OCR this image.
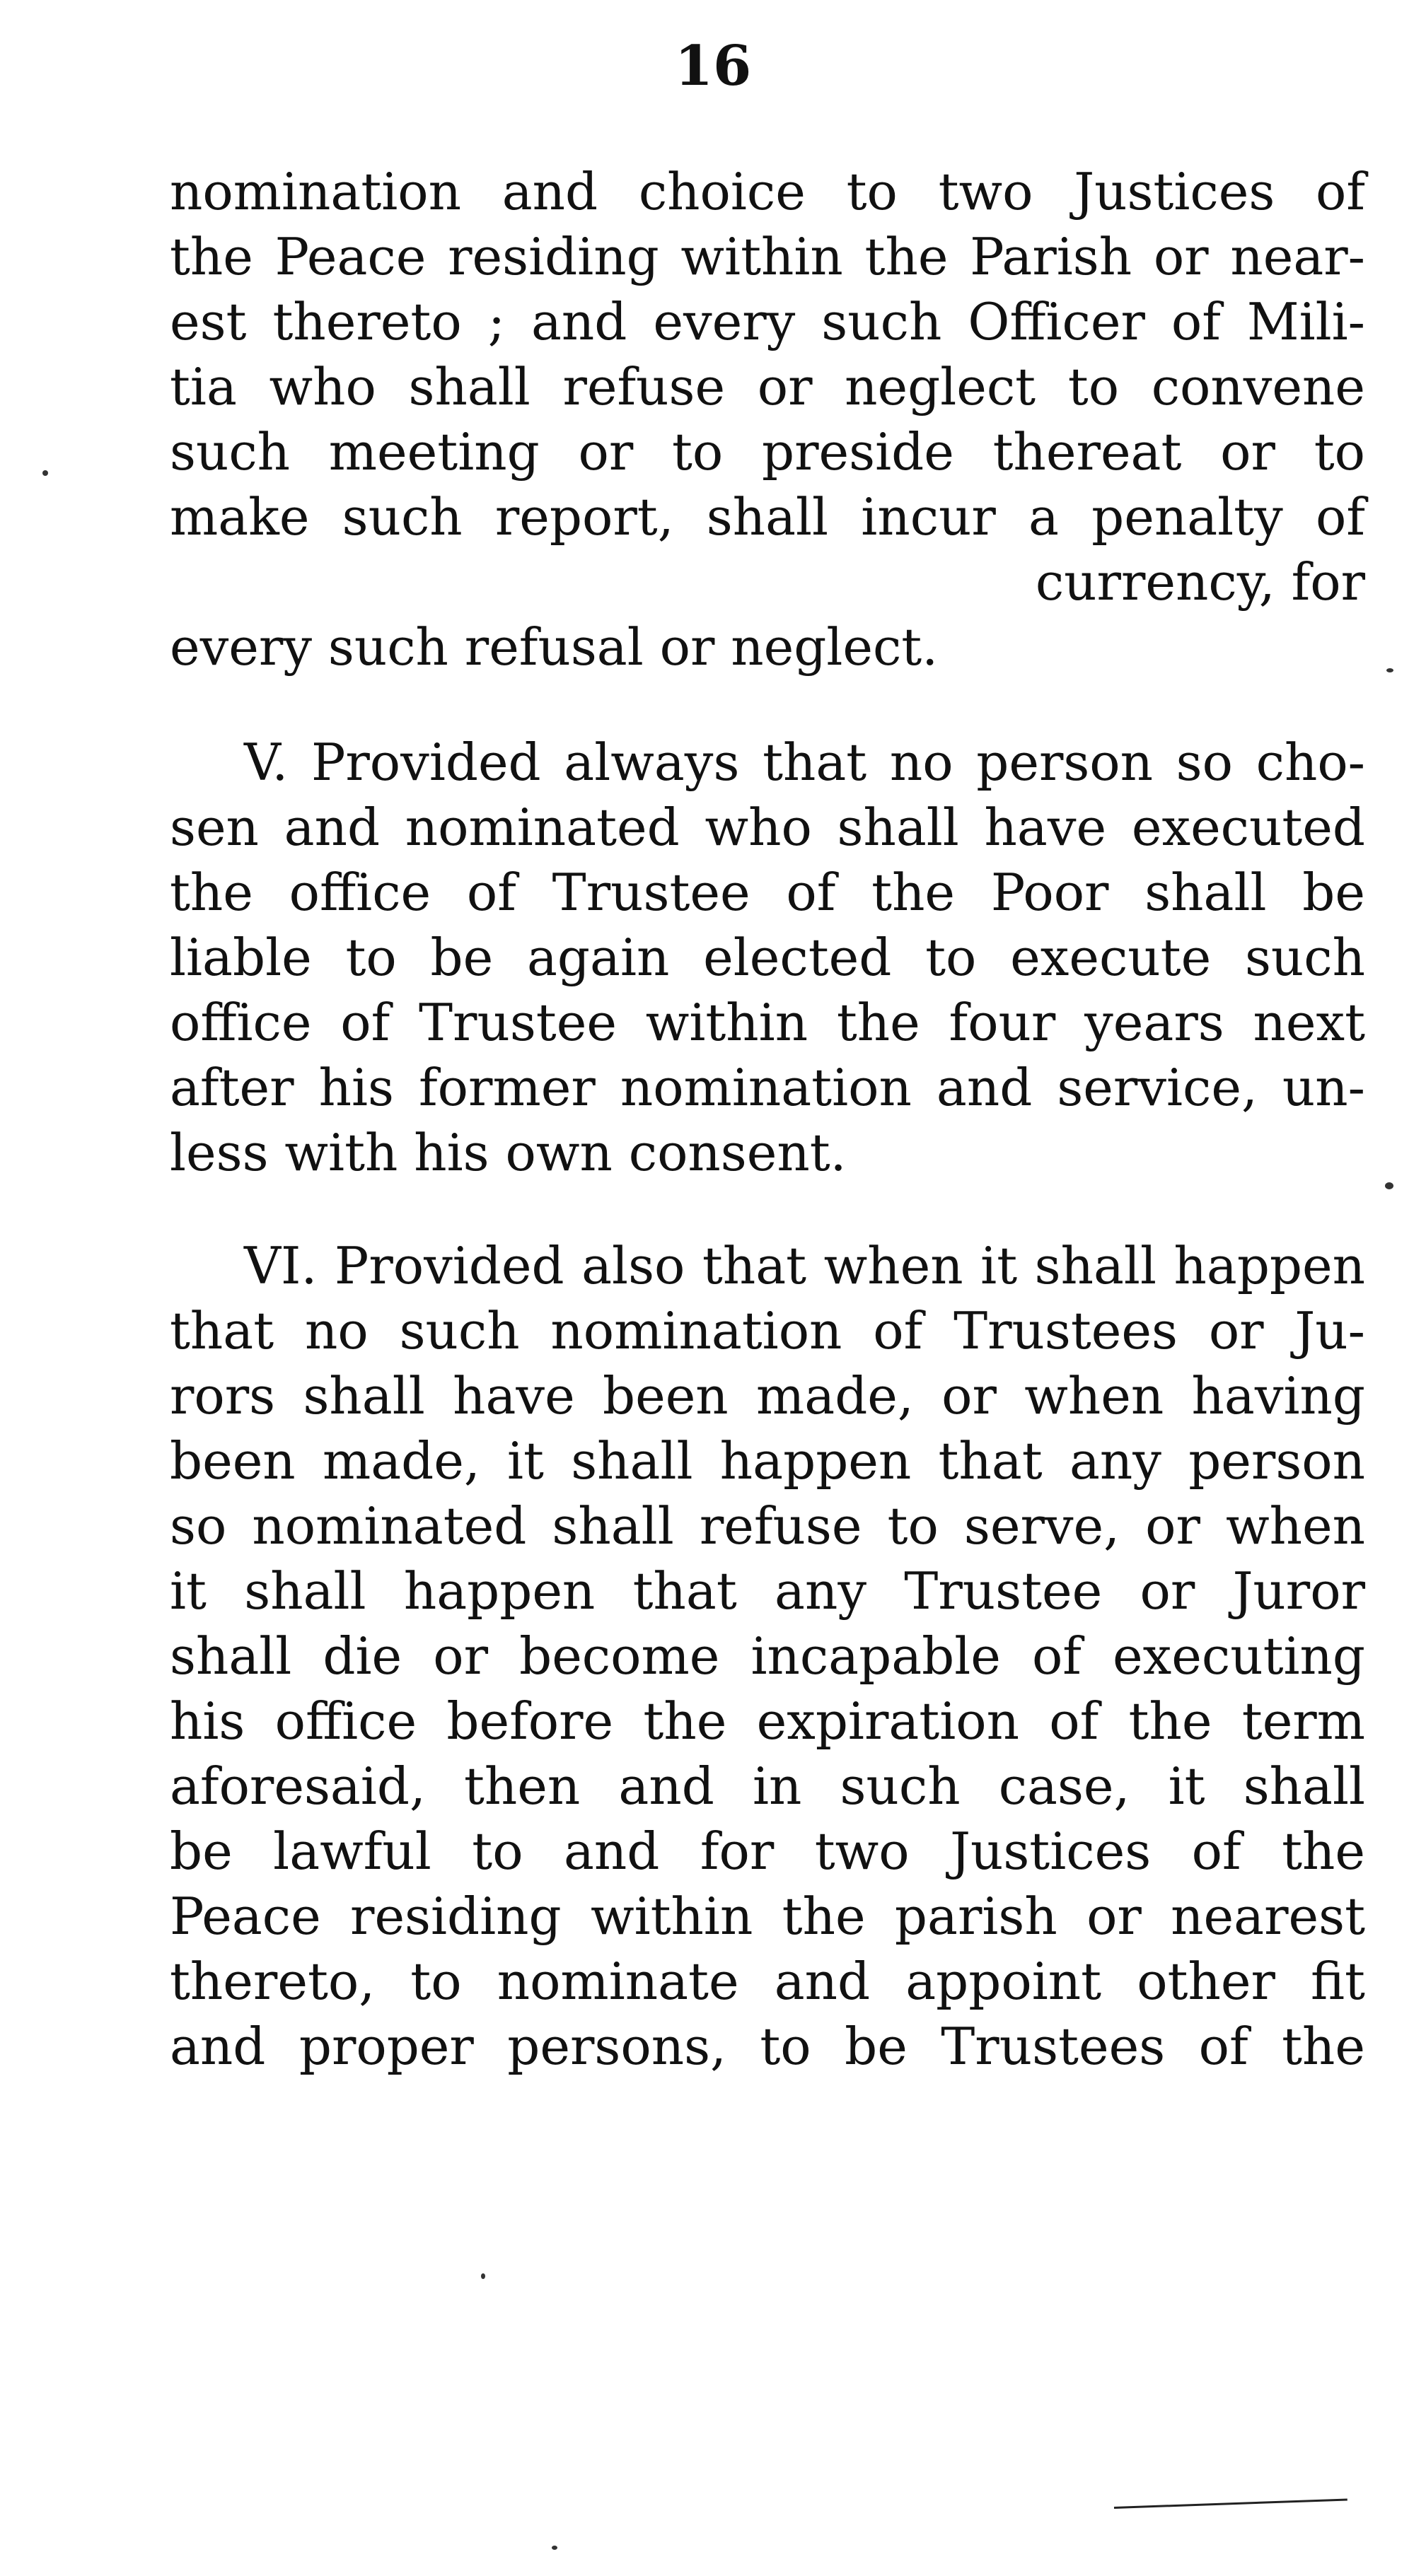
16
nomination and choice to two Justices of
the Peace residing within the Parish or near-
est thereto ; and every such Officer of Mili-
tia who shall refuse or neglect to convene
such meeting or to preside thereat or to
make such report, shall incur a penalty of
currency, for
every such refusal or neglect.
V. Provided always that no person so cho-
sen and nominated who shall have executed
the office of Trustee of the Poor shall be
liable to be again elected to execute such
office of Trustee within the four years next
after his former nomination and service, un-
less with his own consent.
VI. Provided also that when it shall happen
that no such nomination of Trustees or Ju-
rors shall have been made, or when having
been made, it shall happen that any person
so nominated shall refuse to serve, or when
it shall happen that any Trustee or Juror
shall die or become incapable of executing
his office before the expiration of the term
aforesaid, then and in such case, it shall
be lawful to and for two Justices of the
Peace residing within the parish or nearest
thereto, to nominate and appoint other fit
and proper persons, to be Trustees of the
